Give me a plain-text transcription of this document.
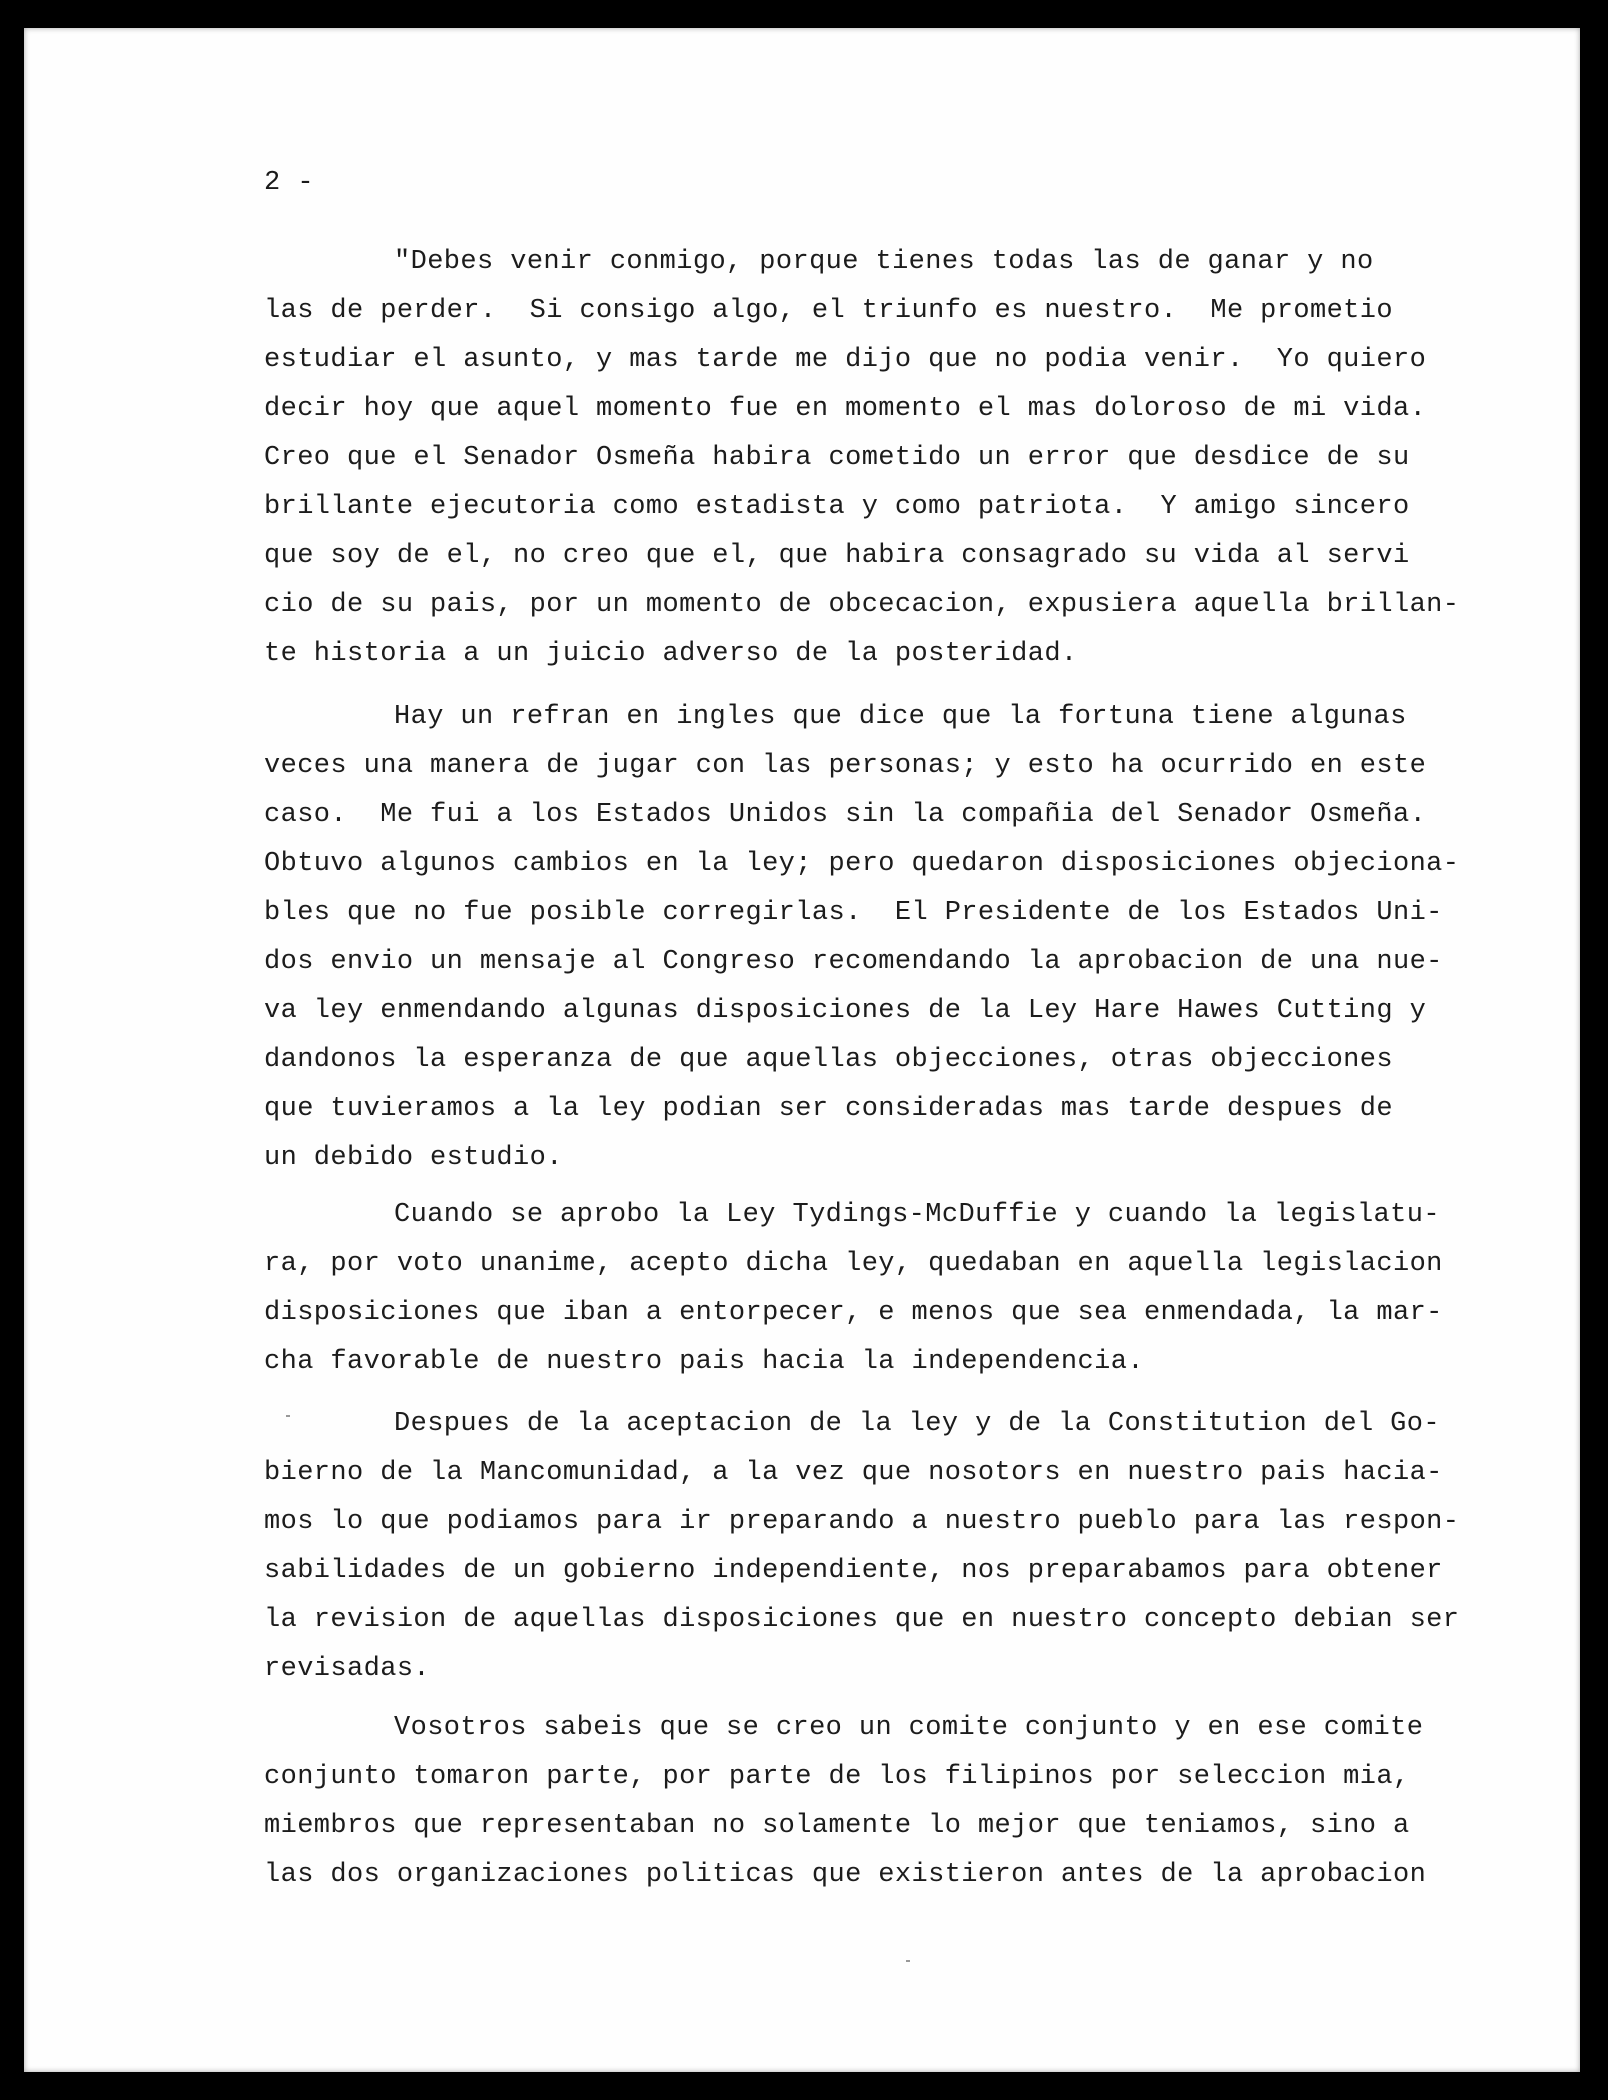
2 -
"Debes venir conmigo, porque tienes todas las de ganar y no
las de perder.  Si consigo algo, el triunfo es nuestro.  Me prometio
estudiar el asunto, y mas tarde me dijo que no podia venir.  Yo quiero
decir hoy que aquel momento fue en momento el mas doloroso de mi vida.
Creo que el Senador Osmeña habira cometido un error que desdice de su
brillante ejecutoria como estadista y como patriota.  Y amigo sincero
que soy de el, no creo que el, que habira consagrado su vida al servi
cio de su pais, por un momento de obcecacion, expusiera aquella brillan-
te historia a un juicio adverso de la posteridad.
Hay un refran en ingles que dice que la fortuna tiene algunas
veces una manera de jugar con las personas; y esto ha ocurrido en este
caso.  Me fui a los Estados Unidos sin la compañia del Senador Osmeña.
Obtuvo algunos cambios en la ley; pero quedaron disposiciones objeciona-
bles que no fue posible corregirlas.  El Presidente de los Estados Uni-
dos envio un mensaje al Congreso recomendando la aprobacion de una nue-
va ley enmendando algunas disposiciones de la Ley Hare Hawes Cutting y
dandonos la esperanza de que aquellas objecciones, otras objecciones
que tuvieramos a la ley podian ser consideradas mas tarde despues de
un debido estudio.
Cuando se aprobo la Ley Tydings-McDuffie y cuando la legislatu-
ra, por voto unanime, acepto dicha ley, quedaban en aquella legislacion
disposiciones que iban a entorpecer, e menos que sea enmendada, la mar-
cha favorable de nuestro pais hacia la independencia.
Despues de la aceptacion de la ley y de la Constitution del Go-
bierno de la Mancomunidad, a la vez que nosotors en nuestro pais hacia-
mos lo que podiamos para ir preparando a nuestro pueblo para las respon-
sabilidades de un gobierno independiente, nos preparabamos para obtener
la revision de aquellas disposiciones que en nuestro concepto debian ser
revisadas.
Vosotros sabeis que se creo un comite conjunto y en ese comite
conjunto tomaron parte, por parte de los filipinos por seleccion mia,
miembros que representaban no solamente lo mejor que teniamos, sino a
las dos organizaciones politicas que existieron antes de la aprobacion
